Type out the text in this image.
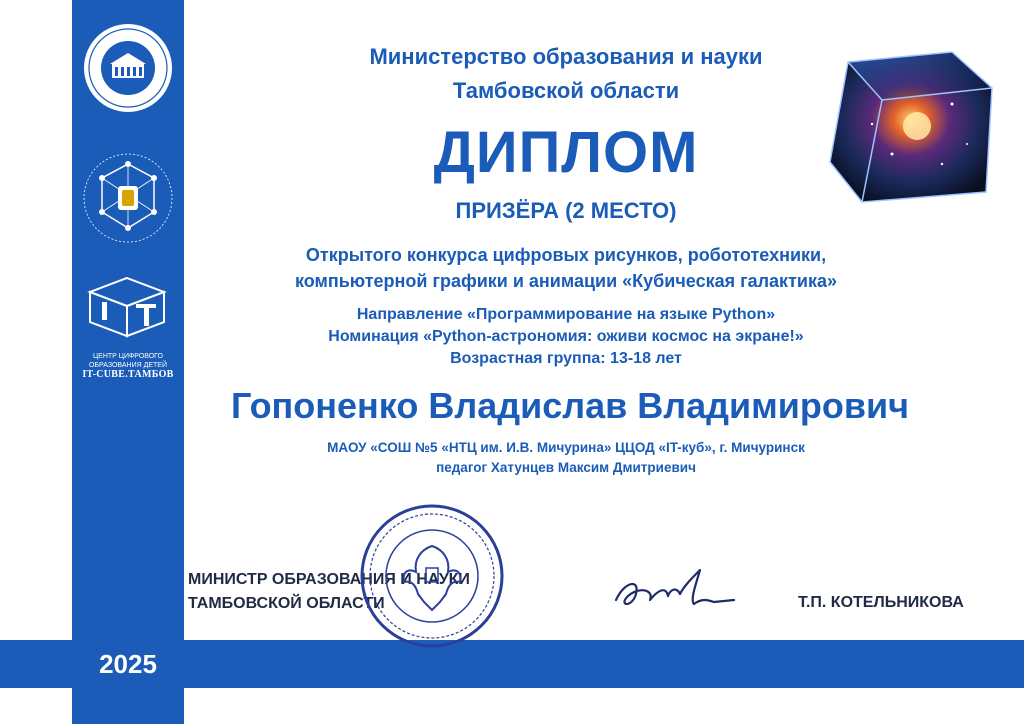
2025
ЦЕНТР ЦИФРОВОГО
ОБРАЗОВАНИЯ ДЕТЕЙ
IT-CUBE.ТАМБОВ
Министерство образования и науки
Тамбовской области
ДИПЛОМ
ПРИЗЁРА (2 МЕСТО)
Открытого конкурса цифровых рисунков, робототехники,
компьютерной графики и анимации «Кубическая галактика»
Направление «Программирование на языке Python»
Номинация «Python-астрономия: оживи космос на экране!»
Возрастная группа: 13-18 лет
Гопоненко Владислав Владимирович
МАОУ «СОШ №5 «НТЦ им. И.В. Мичурина» ЦЦОД «IT-куб», г. Мичуринск
педагог Хатунцев Максим Дмитриевич
МИНИСТР ОБРАЗОВАНИЯ И НАУКИ
ТАМБОВСКОЙ ОБЛАСТИ	Т.П. КОТЕЛЬНИКОВА
